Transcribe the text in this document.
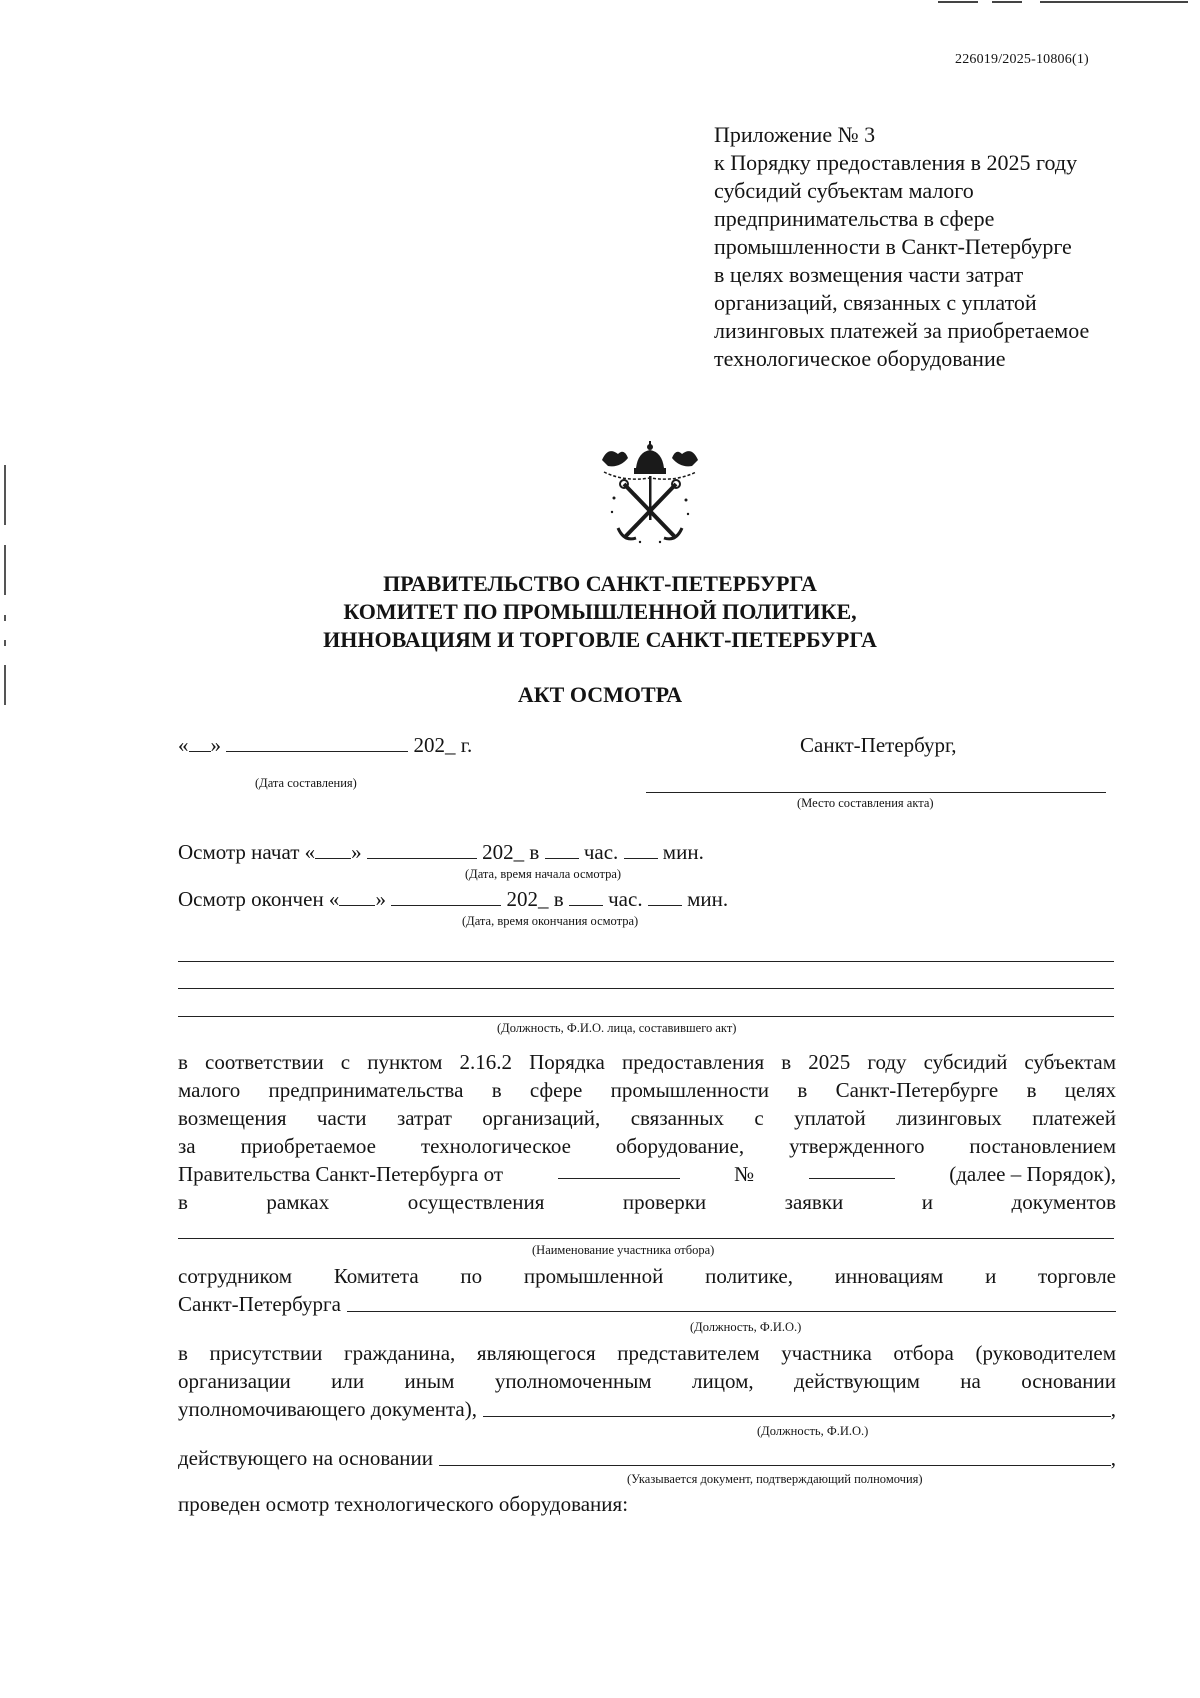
226019/2025-10806(1)
Приложение № 3
к Порядку предоставления в 2025 году
субсидий субъектам малого
предпринимательства в сфере
промышленности в Санкт-Петербурге
в целях возмещения части затрат
организаций, связанных с уплатой
лизинговых платежей за приобретаемое
технологическое оборудование
ПРАВИТЕЛЬСТВО САНКТ-ПЕТЕРБУРГА
КОМИТЕТ ПО ПРОМЫШЛЕННОЙ ПОЛИТИКЕ,
ИННОВАЦИЯМ И ТОРГОВЛЕ САНКТ-ПЕТЕРБУРГА
АКТ ОСМОТРА
« »	202_ г.	Санкт-Петербург,
(Дата составления)
(Место составления акта)
Осмотр начат « »	202_ в час. мин.
(Дата, время начала осмотра)
Осмотр окончен « »	202_ в час. мин.
(Дата, время окончания осмотра)
(Должность, Ф.И.О. лица, составившего акт)
в соответствии с пунктом 2.16.2 Порядка предоставления в 2025 году субсидий субъектам
малого предпринимательства в сфере промышленности в Санкт-Петербурге в целях
возмещения части затрат организаций, связанных с уплатой лизинговых платежей
за приобретаемое технологическое оборудование, утвержденного постановлением
Правительства Санкт-Петербурга от	№	(далее – Порядок),
в рамках осуществления проверки заявки и документов
(Наименование участника отбора)
сотрудником Комитета по промышленной политике, инновациям и торговле
Санкт-Петербурга
(Должность, Ф.И.О.)
в присутствии гражданина, являющегося представителем участника отбора (руководителем
организации или иным уполномоченным лицом, действующим на основании
уполномочивающего документа),	,
(Должность, Ф.И.О.)
действующего на основании	,
(Указывается документ, подтверждающий полномочия)
проведен осмотр технологического оборудования:
